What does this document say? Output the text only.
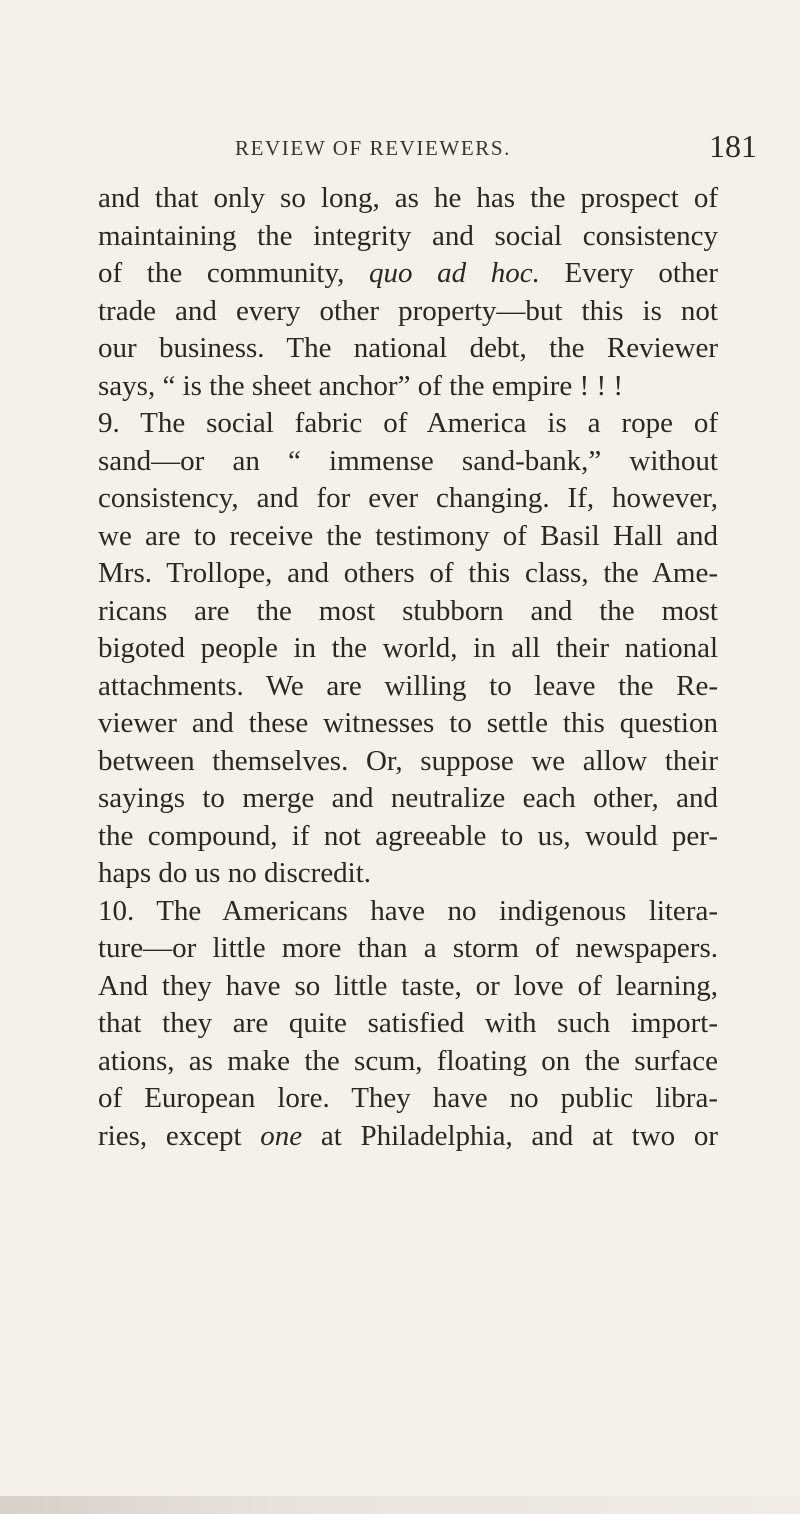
REVIEW OF REVIEWERS.	181
and that only so long, as he has the prospect of
maintaining the integrity and social consistency
of the community, quo ad hoc. Every other
trade and every other property—but this is not
our business. The national debt, the Reviewer
says, “ is the sheet anchor” of the empire ! ! !
9. The social fabric of America is a rope of
sand—or an “ immense sand-bank,” without
consistency, and for ever changing. If, however,
we are to receive the testimony of Basil Hall and
Mrs. Trollope, and others of this class, the Ame-
ricans are the most stubborn and the most
bigoted people in the world, in all their national
attachments. We are willing to leave the Re-
viewer and these witnesses to settle this question
between themselves. Or, suppose we allow their
sayings to merge and neutralize each other, and
the compound, if not agreeable to us, would per-
haps do us no discredit.
10. The Americans have no indigenous litera-
ture—or little more than a storm of newspapers.
And they have so little taste, or love of learning,
that they are quite satisfied with such import-
ations, as make the scum, floating on the surface
of European lore. They have no public libra-
ries, except one at Philadelphia, and at two or
